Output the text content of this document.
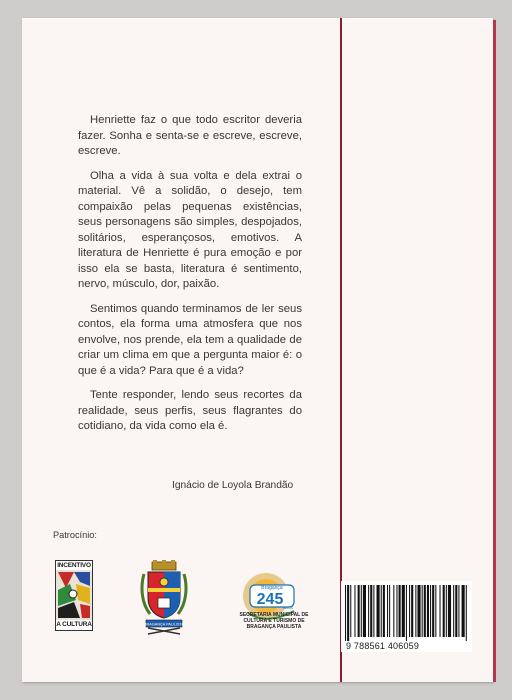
Henriette faz o que todo escritor deveria fazer. Sonha e senta-se e escreve, escreve, escreve.

Olha a vida à sua volta e dela extrai o material. Vê a solidão, o desejo, tem compaixão pelas pequenas existências, seus personagens são simples, despojados, solitários, esperançosos, emotivos. A literatura de Henriette é pura emoção e por isso ela se basta, literatura é sentimento, nervo, músculo, dor, paixão.

Sentimos quando terminamos de ler seus contos, ela forma uma atmosfera que nos envolve, nos prende, ela tem a qualidade de criar um clima em que a pergunta maior é: o que é a vida? Para que é a vida?

Tente responder, lendo seus recortes da realidade, seus perfis, seus flagrantes do cotidiano, da vida como ela é.

Ignácio de Loyola Brandão
Patrocínio:
INCENTIVO
A CULTURA	BRAGANÇA PAULISTA
Bragança
245 anos
SECRETARIA MUNICIPAL DE CULTURA E TURISMO DE BRAGANÇA PAULISTA
9 788561 406059
